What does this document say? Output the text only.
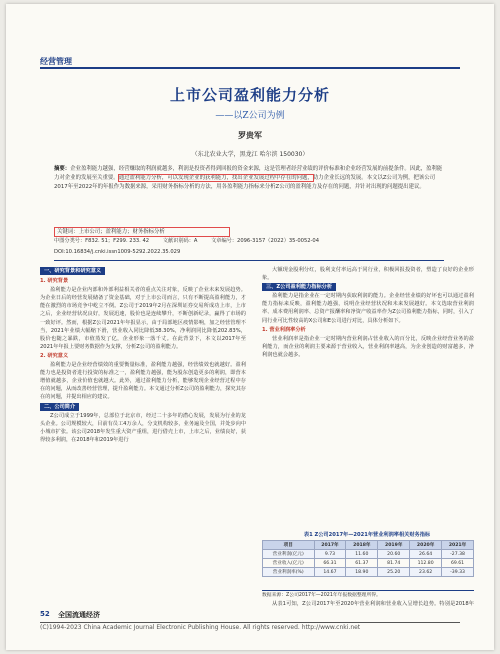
经营管理
上市公司盈利能力分析
——以Z公司为例
罗贵军
（东北农业大学，黑龙江 哈尔滨 150030）
摘要：企业盈利能力越强，经营赚取的利润就越多，利润是投资者得到回报的资金来源，这是管理者经营业绩的评价标准和企业经营发展的前提条件。因此，盈利能力对企业的发展至关重要。通过盈利能力分析，可以发现企业的获利能力，找出企业发展过程中存在的问题，助力企业长远的发展。本文以Z公司为例，把该公司2017年至2022年的年报作为数据来源，采用财务指标分析的方法，用各盈利能力指标来分析Z公司的盈利能力及存在的问题，并针对出现的问题提出建议。
关键词：上市公司；盈利能力；财务指标分析
中图分类号：F832. 51；F299. 233. 42	文献识别码：A	文章编号：2096-3157（2022）35-0052-04
DOI:10.16834/j.cnki.issn1009-5292.2022.35.029
一、研究背景和研究意义
1. 研究背景

盈利能力是企业内部和外部利益相关者的重点关注对象，反映了企业未来发展趋势。为企业日后的经营发展储备了资金基础，对于上市公司而言，只有不断提高盈利能力，才能在激烈的市场竞争中屹立不倒。Z公司于2019年2月在深圳证券交易所成功上市，上市之后，企业经营状况良好，发展迅速，股价也是连续攀升，不断创新纪录，赢得了市场的一致好评。然而，根据Z公司2021年年报显示，由于局部地区疫情影响，加之经营管理不当，2021年业绩大幅缩下滑，营业收入同比降低38.30%，净利润同比降低202.83%，股价也随之暴跌，市值蒸发了亿，企业形象一落千丈。在此背景下，本文以2017年至2021年年报上要财务数据作为支撑，分析Z公司的盈利能力。

2. 研究意义

盈利能力是企业经营绩效的重要衡量标准，盈利能力越强，经营绩效也就越好。盈利能力也是投资者进行投资的标准之一，盈利能力越强，能为股东创造更多的利润，即营本增值就越多，企业价值也就越大。此外，通过盈利能力分析，能够发现企业经营过程中存在的问题，从而改善经营管理，提升盈利能力。本文通过分析Z公司的盈利能力，探究其存在的问题，并提出相应的建议。

二、公司简介

Z公司成立于1999年，总部位于北京市，经过二十多年的潜心发展，发展为行业的龙头企业。公司规模较大，目前有员工4万余人，分支机构较多，业务遍及全国，并处步向中小城市扩张。该公司2018年发生重大资产重组，进行借壳上市，上市之后，业绩良好，获得较多利润，在2018年和2019年进行

大额现金股利分红，股利支付率远高于同行业，积极回报投资者，塑造了良好的企业形象。

三、Z公司盈利能力指标分析

盈利能力是指企业在一定时期内获取利润的能力。企业经营业绩的好坏也可以通过盈利能力指标来反映，盈利能力越强，说明企业经营状况和未来发展越好。本文选取营业利润率、成本费用利润率、总资产报酬率和净资产收益率作为Z公司盈利能力指标，同时，引入了同行业可比性较高的X公司和E公司进行对比，具体分析如下。

1. 营业利润率分析

营业利润率是指企业一定时期内营业利润占营业收入的百分比，反映企业经营业务的盈利能力，而企业的利润主要来源于营业收入，营业利润率越高，为企业创造的财富越多，净利润也就会越多。

表1 Z公司2017年—2021年营业利润率相关财务指标
项目	2017年	2018年	2019年	2020年	2021年
营业利润(亿元)	9.73	11.60	20.60	26.64	-27.38
营业收入(亿元)	66.31	61.37	81.74	112.80	69.61
营业利润率(%)	14.67	18.90	25.20	23.62	-39.33
数据来源：Z公司2017年—2021年年报数据整理所得。

从表1可知，Z公司2017年至2020年营业利润和营业收入呈增长趋势。特别是2018年

52 全国流通经济
(C)1994-2023 China Academic Journal Electronic Publishing House. All rights reserved. http://www.cnki.net
